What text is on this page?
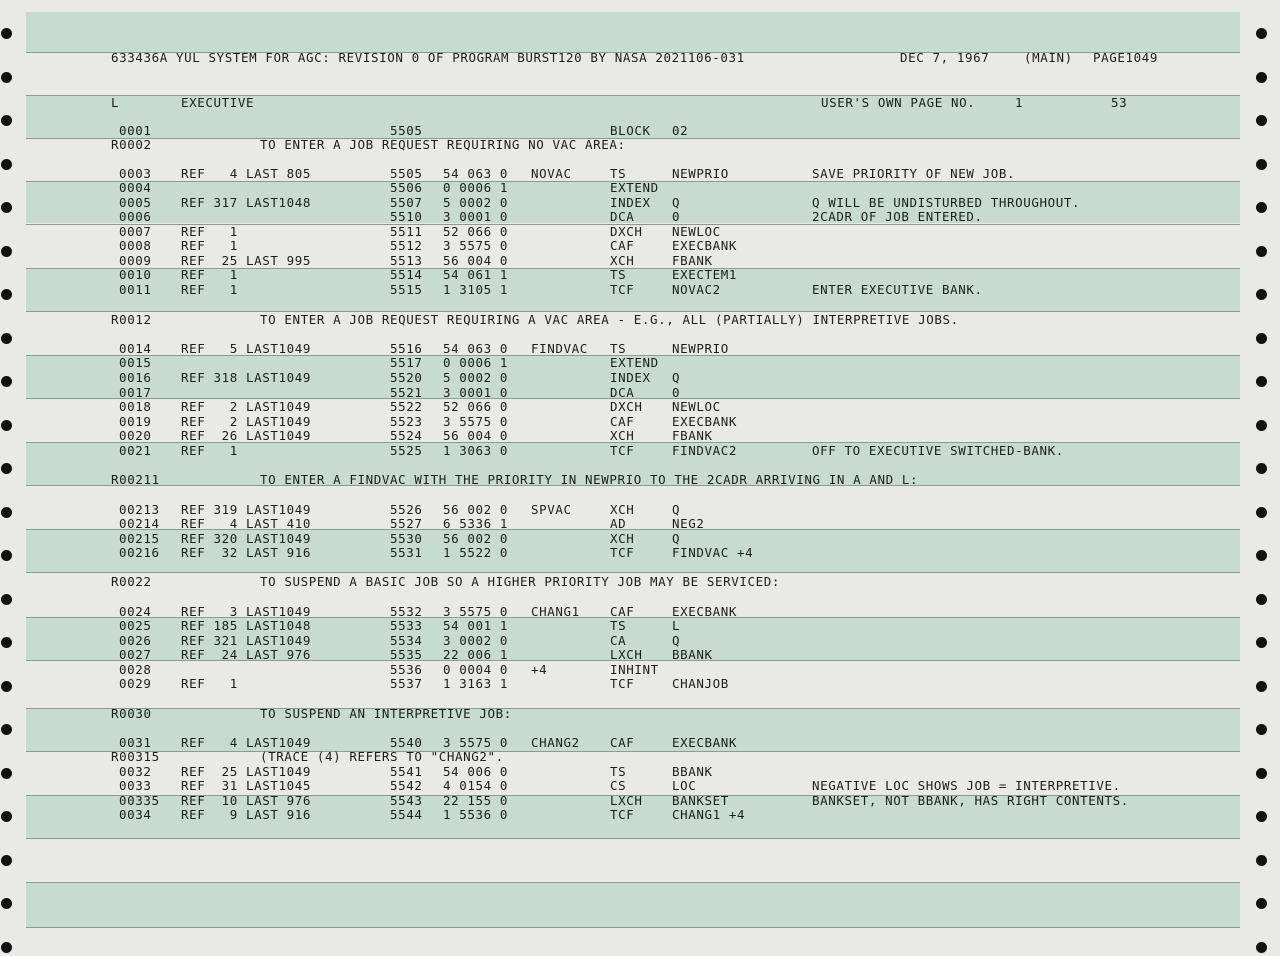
633436A YUL SYSTEM FOR AGC: REVISION 0 OF PROGRAM BURST120 BY NASA 2021106-031	DEC 7, 1967	(MAIN) PAGE1049
L	EXECUTIVE	USER'S OWN PAGE NO.	1	53
0001	5505	BLOCK 02
R0002	TO ENTER A JOB REQUEST REQUIRING NO VAC AREA:
0003 REF   4 LAST 805	5505 54 063 0 NOVAC	TS	NEWPRIO	SAVE PRIORITY OF NEW JOB.
0004	5506 0 0006 1	EXTEND
0005 REF 317 LAST1048	5507 5 0002 0	INDEX Q	Q WILL BE UNDISTURBED THROUGHOUT.
0006	5510 3 0001 0	DCA	0	2CADR OF JOB ENTERED.
0007 REF   1	5511 52 066 0	DXCH NEWLOC
0008 REF   1	5512 3 5575 0	CAF	EXECBANK
0009 REF  25 LAST 995	5513 56 004 0	XCH	FBANK
0010 REF   1	5514 54 061 1	TS	EXECTEM1
0011 REF   1	5515 1 3105 1	TCF	NOVAC2	ENTER EXECUTIVE BANK.
R0012	TO ENTER A JOB REQUEST REQUIRING A VAC AREA - E.G., ALL (PARTIALLY) INTERPRETIVE JOBS.
0014 REF   5 LAST1049	5516 54 063 0 FINDVAC TS	NEWPRIO
0015	5517 0 0006 1	EXTEND
0016 REF 318 LAST1049	5520 5 0002 0	INDEX Q
0017	5521 3 0001 0	DCA	0
0018 REF   2 LAST1049	5522 52 066 0	DXCH NEWLOC
0019 REF   2 LAST1049	5523 3 5575 0	CAF	EXECBANK
0020 REF  26 LAST1049	5524 56 004 0	XCH	FBANK
0021 REF   1	5525 1 3063 0	TCF	FINDVAC2	OFF TO EXECUTIVE SWITCHED-BANK.
R00211	TO ENTER A FINDVAC WITH THE PRIORITY IN NEWPRIO TO THE 2CADR ARRIVING IN A AND L:
00213 REF 319 LAST1049	5526 56 002 0 SPVAC	XCH	Q
00214 REF   4 LAST 410	5527 6 5336 1	AD	NEG2
00215 REF 320 LAST1049	5530 56 002 0	XCH	Q
00216 REF  32 LAST 916	5531 1 5522 0	TCF	FINDVAC +4
R0022	TO SUSPEND A BASIC JOB SO A HIGHER PRIORITY JOB MAY BE SERVICED:
0024 REF   3 LAST1049	5532 3 5575 0 CHANG1 CAF	EXECBANK
0025 REF 185 LAST1048	5533 54 001 1	TS	L
0026 REF 321 LAST1049	5534 3 0002 0	CA	Q
0027 REF  24 LAST 976	5535 22 006 1	LXCH BBANK
0028	5536 0 0004 0 +4	INHINT
0029 REF   1	5537 1 3163 1	TCF	CHANJOB
R0030	TO SUSPEND AN INTERPRETIVE JOB:
0031 REF   4 LAST1049	5540 3 5575 0 CHANG2 CAF	EXECBANK
R00315	(TRACE (4) REFERS TO "CHANG2".
0032 REF  25 LAST1049	5541 54 006 0	TS	BBANK
0033 REF  31 LAST1045	5542 4 0154 0	CS	LOC	NEGATIVE LOC SHOWS JOB = INTERPRETIVE.
00335 REF  10 LAST 976	5543 22 155 0	LXCH BANKSET	BANKSET, NOT BBANK, HAS RIGHT CONTENTS.
0034 REF   9 LAST 916	5544 1 5536 0	TCF	CHANG1 +4
